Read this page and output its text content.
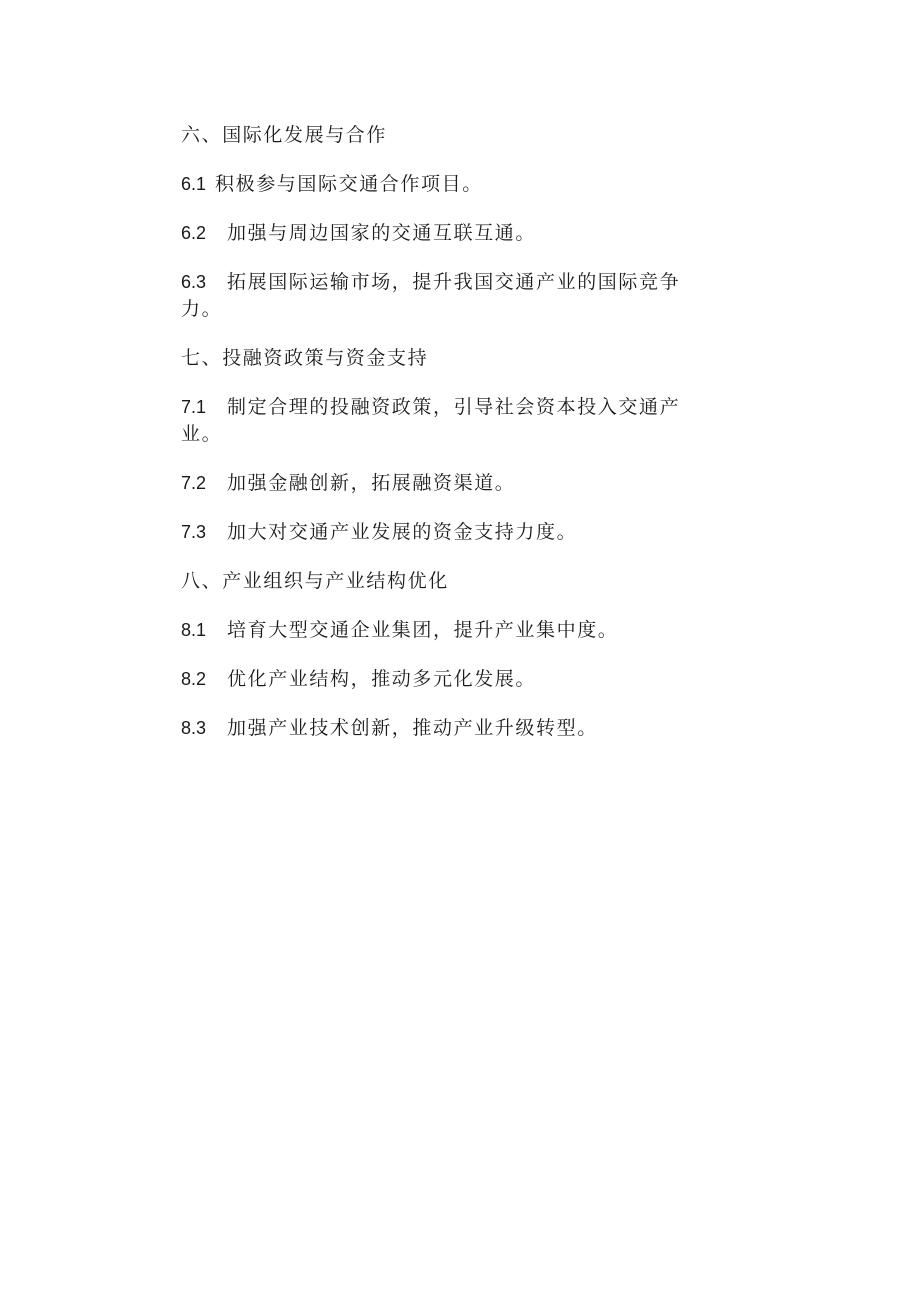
六、国际化发展与合作

6.1 积极参与国际交通合作项目。

6.2 加强与周边国家的交通互联互通。

6.3 拓展国际运输市场，提升我国交通产业的国际竞争力。

七、投融资政策与资金支持

7.1 制定合理的投融资政策，引导社会资本投入交通产业。

7.2 加强金融创新，拓展融资渠道。

7.3 加大对交通产业发展的资金支持力度。

八、产业组织与产业结构优化

8.1 培育大型交通企业集团，提升产业集中度。

8.2 优化产业结构，推动多元化发展。

8.3 加强产业技术创新，推动产业升级转型。
